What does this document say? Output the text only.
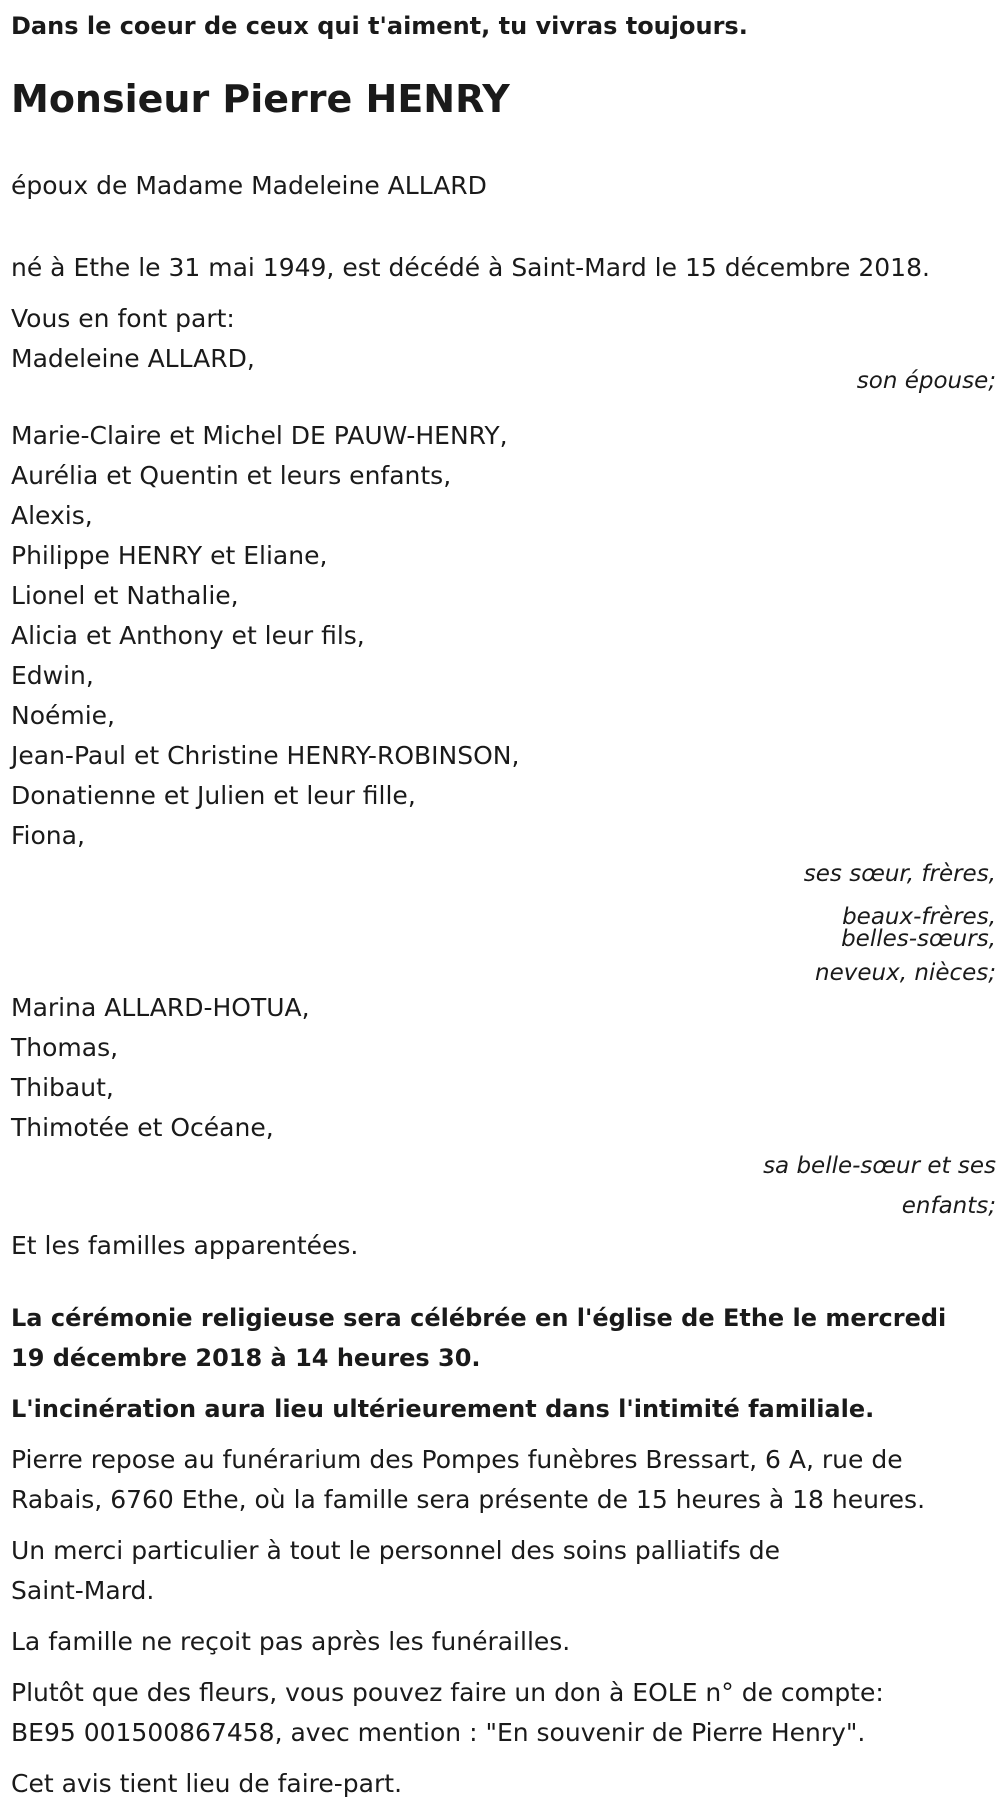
Dans le coeur de ceux qui t'aiment, tu vivras toujours.

Monsieur Pierre HENRY

époux de Madame Madeleine ALLARD

né à Ethe le 31 mai 1949, est décédé à Saint-Mard le 15 décembre 2018.

Vous en font part:

Madeleine ALLARD,

son épouse;

Marie-Claire et Michel DE PAUW-HENRY,

Aurélia et Quentin et leurs enfants,

Alexis,

Philippe HENRY et Eliane,

Lionel et Nathalie,

Alicia et Anthony et leur fils,

Edwin,

Noémie,

Jean-Paul et Christine HENRY-ROBINSON,

Donatienne et Julien et leur fille,

Fiona,

ses sœur, frères,

beaux-frères,

belles-sœurs,

neveux, nièces;

Marina ALLARD-HOTUA,

Thomas,

Thibaut,

Thimotée et Océane,

sa belle-sœur et ses

enfants;

Et les familles apparentées.

La cérémonie religieuse sera célébrée en l'église de Ethe le mercredi

19 décembre 2018 à 14 heures 30.

L'incinération aura lieu ultérieurement dans l'intimité familiale.

Pierre repose au funérarium des Pompes funèbres Bressart, 6 A, rue de

Rabais, 6760 Ethe, où la famille sera présente de 15 heures à 18 heures.

Un merci particulier à tout le personnel des soins palliatifs de

Saint-Mard.

La famille ne reçoit pas après les funérailles.

Plutôt que des fleurs, vous pouvez faire un don à EOLE n° de compte:

BE95 001500867458, avec mention : "En souvenir de Pierre Henry".

Cet avis tient lieu de faire-part.
